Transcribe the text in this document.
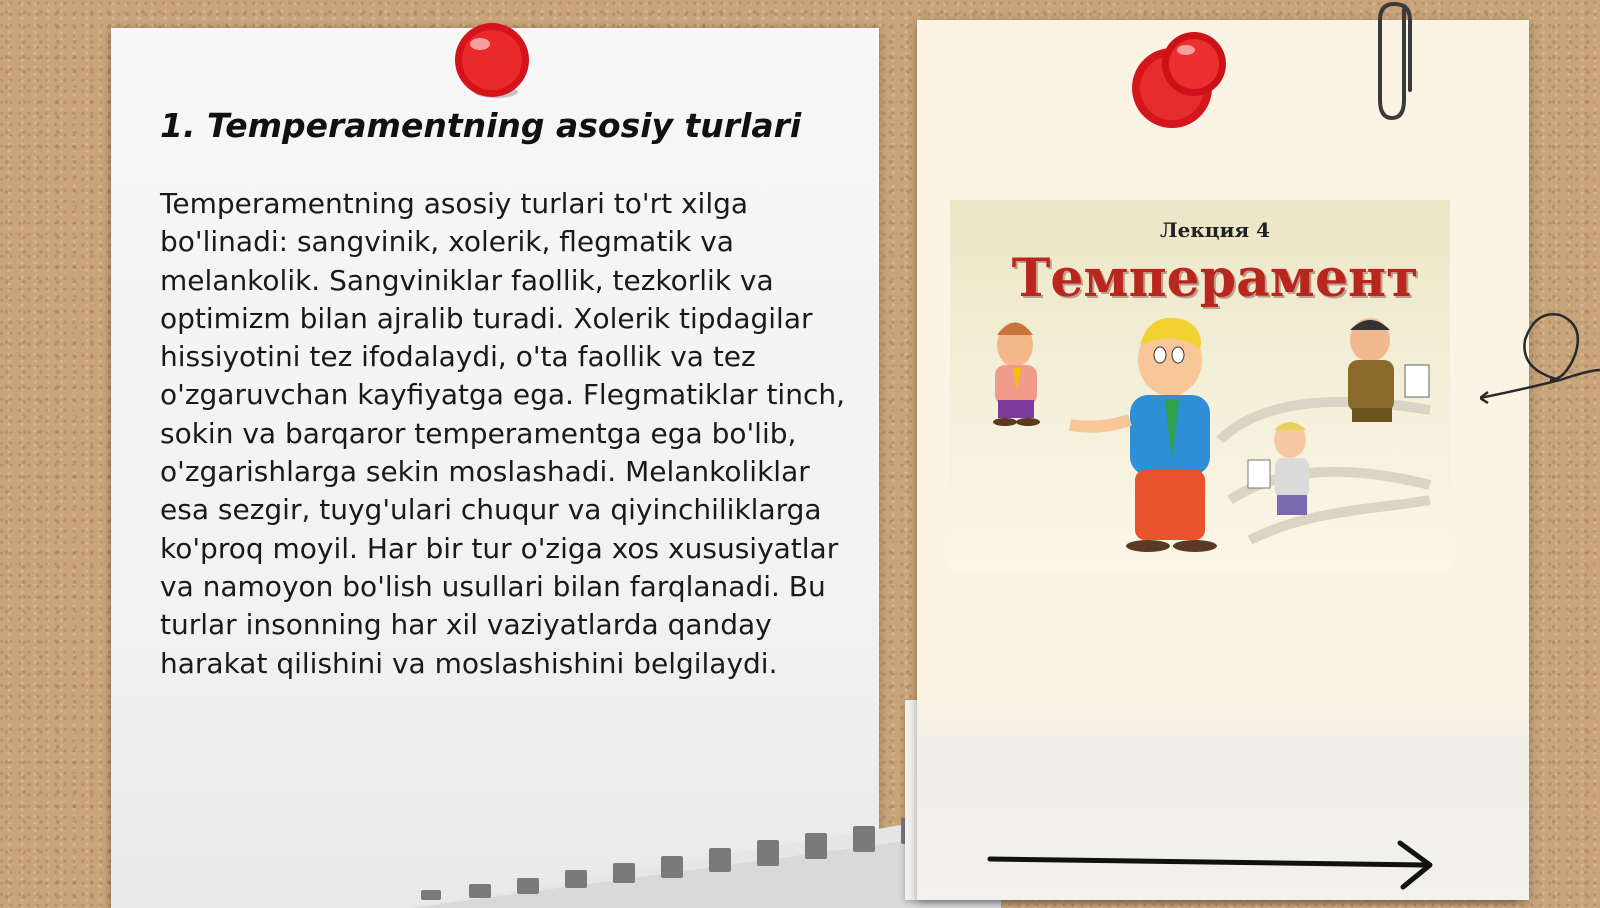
1. Temperamentning asosiy turlari

Temperamentning asosiy turlari to'rt xilga bo'linadi: sangvinik, xolerik, flegmatik va melankolik. Sangviniklar faollik, tezkorlik va optimizm bilan ajralib turadi. Xolerik tipdagilar hissiyotini tez ifodalaydi, o'ta faollik va tez o'zgaruvchan kayfiyatga ega. Flegmatiklar tinch, sokin va barqaror temperamentga ega bo'lib, o'zgarishlarga sekin moslashadi. Melankoliklar esa sezgir, tuyg'ulari chuqur va qiyinchiliklarga ko'proq moyil. Har bir tur o'ziga xos xususiyatlar va namoyon bo'lish usullari bilan farqlanadi. Bu turlar insonning har xil vaziyatlarda qanday harakat qilishini va moslashishini belgilaydi.

Лекция 4
Темперамент
